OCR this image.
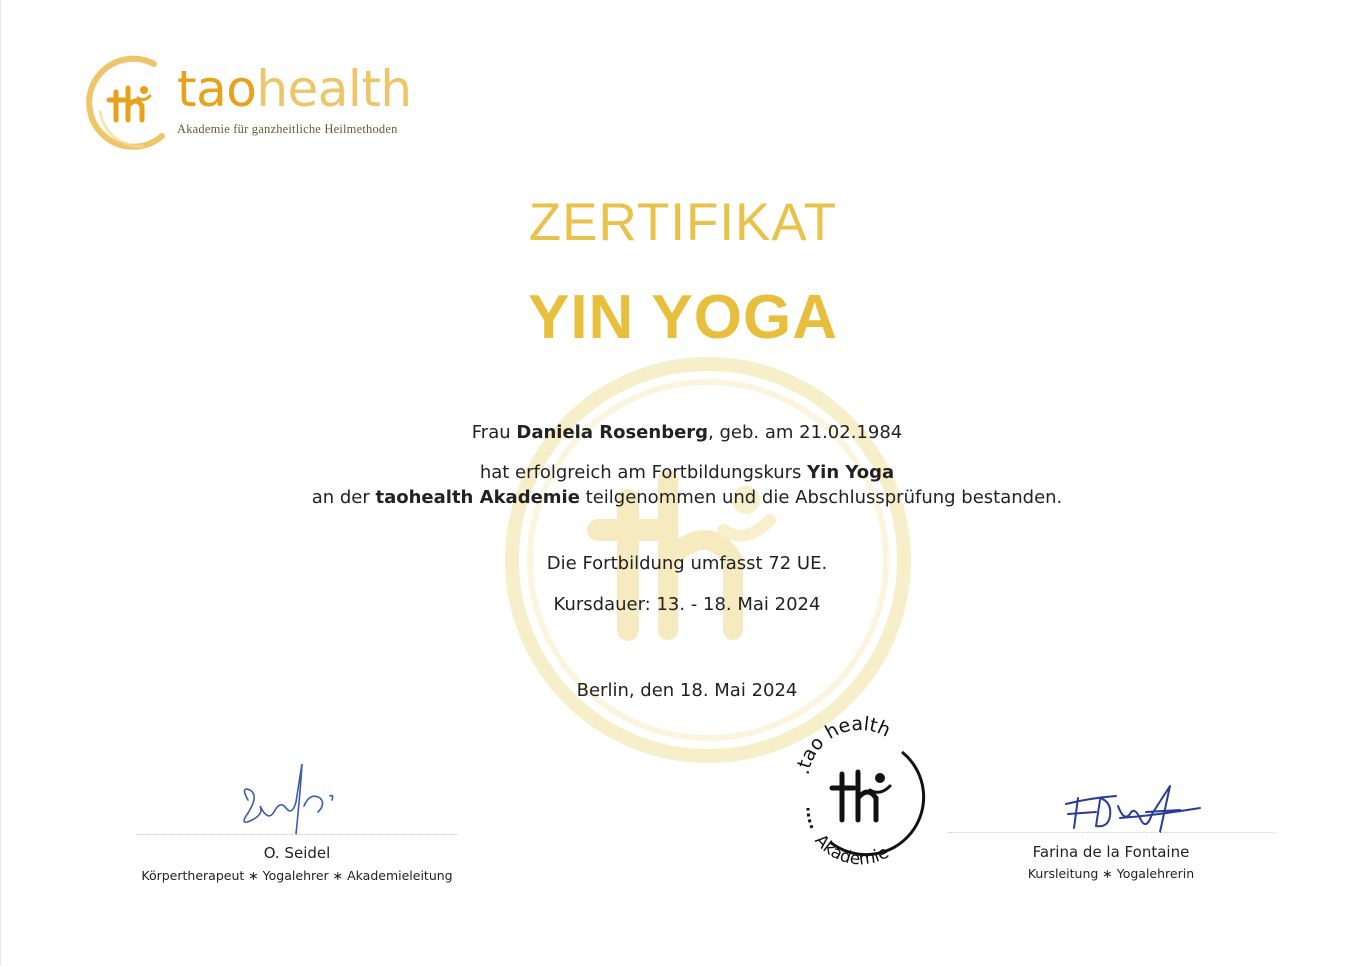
taohealth
Akademie für ganzheitliche Heilmethoden
ZERTIFIKAT
YIN YOGA
Frau Daniela Rosenberg, geb. am 21.02.1984
hat erfolgreich am Fortbildungskurs Yin Yoga
an der taohealth Akademie teilgenommen und die Abschlussprüfung bestanden.
Die Fortbildung umfasst 72 UE.
Kursdauer: 13. - 18. Mai 2024
Berlin, den 18. Mai 2024
O. Seidel
Körpertherapeut ∗ Yogalehrer ∗ Akademieleitung
.tao health
Akademie	Farina de la Fontaine
Kursleitung ∗ Yogalehrerin
